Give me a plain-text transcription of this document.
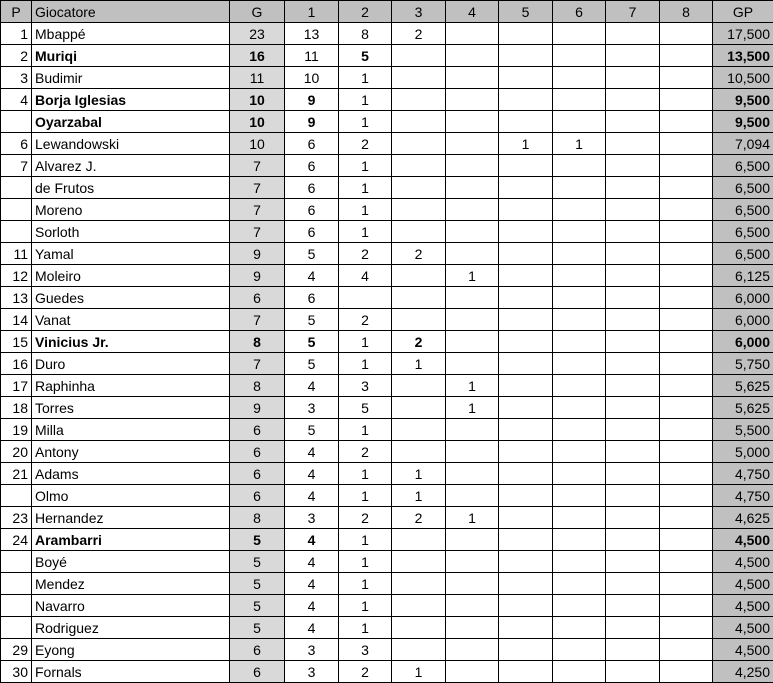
P	Giocatore	G	1	2	3	4	5	6	7	8	GP
1	Mbappé	23	13	8	2						17,500
2	Muriqi	16	11	5							13,500
3	Budimir	11	10	1							10,500
4	Borja Iglesias	10	9	1							9,500
	Oyarzabal	10	9	1							9,500
6	Lewandowski	10	6	2			1	1			7,094
7	Alvarez J.	7	6	1							6,500
	de Frutos	7	6	1							6,500
	Moreno	7	6	1							6,500
	Sorloth	7	6	1							6,500
11	Yamal	9	5	2	2						6,500
12	Moleiro	9	4	4		1					6,125
13	Guedes	6	6								6,000
14	Vanat	7	5	2							6,000
15	Vinicius Jr.	8	5	1	2						6,000
16	Duro	7	5	1	1						5,750
17	Raphinha	8	4	3		1					5,625
18	Torres	9	3	5		1					5,625
19	Milla	6	5	1							5,500
20	Antony	6	4	2							5,000
21	Adams	6	4	1	1						4,750
	Olmo	6	4	1	1						4,750
23	Hernandez	8	3	2	2	1					4,625
24	Arambarri	5	4	1							4,500
	Boyé	5	4	1							4,500
	Mendez	5	4	1							4,500
	Navarro	5	4	1							4,500
	Rodriguez	5	4	1							4,500
29	Eyong	6	3	3							4,500
30	Fornals	6	3	2	1						4,250
